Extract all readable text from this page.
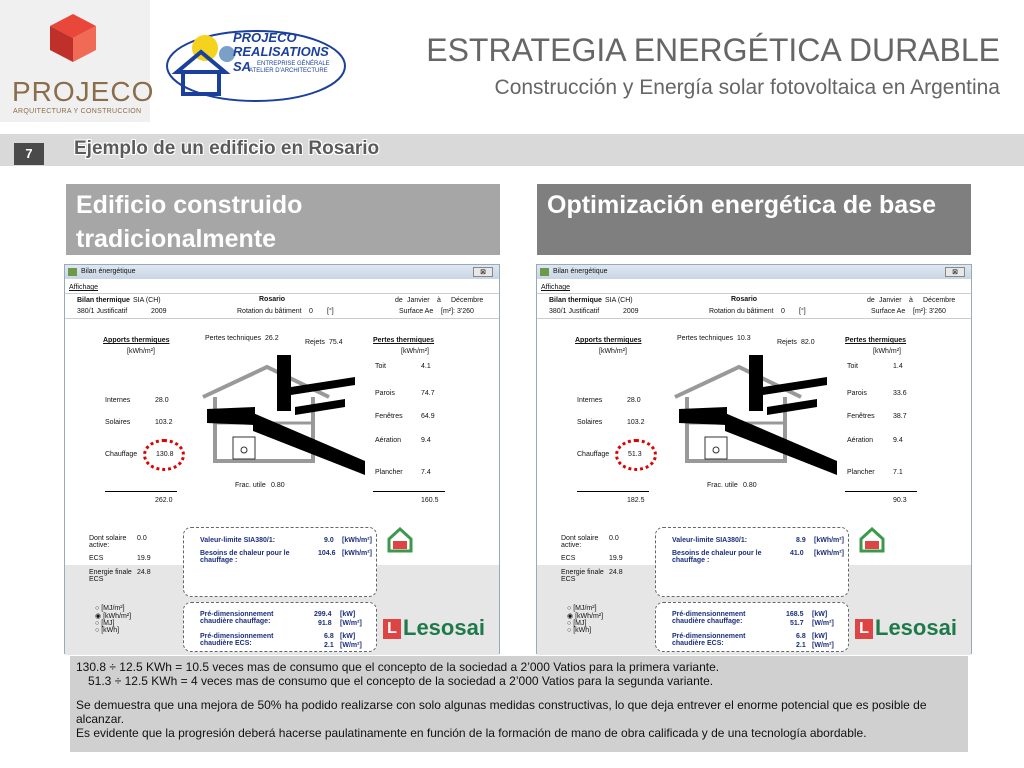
PROJECO
ARQUITECTURA Y CONSTRUCCION
PROJECO
REALISATIONS SA ENTREPRISE GÉNÉRALE
ATELIER D'ARCHITECTURE
ESTRATEGIA ENERGÉTICA DURABLE
Construcción y Energía solar fotovoltaica en Argentina
7	Ejemplo de un edificio en Rosario
Edificio construido tradicionalmente
Optimización energética de base
Bilan énergétique	⊠
Affichage
Bilan thermique SIA (CH)
380/1 Justificatif	2009
Rosario
Rotation du bâtiment 0 [°]
de Janvier à Décembre
Surface Ae [m²]: 3'260
Apports thermiques
[kWh/m²]
Pertes techniques 26.2
Rejets 75.4	Pertes thermiques
[kWh/m²]
Internes	28.0
Solaires	103.2
Chauffage	130.8
Toit	4.1
Parois	74.7
Fenêtres	64.9
Aération	9.4
Plancher	7.4
Frac. utile 0.80
262.0	160.5
Dont solaire active:
0.0
ECS	19.9
Energie finale ECS
24.8
Valeur-limite SIA380/1:	9.0 [kWh/m²]
Besoins de chaleur pour le chauffage :
104.6 [kWh/m²]
○ [MJ/m²]
◉ [kWh/m²]
○ [MJ]
○ [kWh]
Pré-dimensionnement chaudière chauffage:
299.4 [kW]
91.8 [W/m²]
Pré-dimensionnement chaudière ECS:
6.8 [kW]
2.1 [W/m²]
L Lesosai
Bilan énergétique	⊠
Affichage
Bilan thermique SIA (CH)
380/1 Justificatif	2009
Rosario
Rotation du bâtiment 0 [°]
de Janvier à Décembre
Surface Ae [m²]: 3'260
Apports thermiques
[kWh/m²]
Pertes techniques 10.3
Rejets 82.0	Pertes thermiques
[kWh/m²]
Internes	28.0
Solaires	103.2
Chauffage	51.3
Toit	1.4
Parois	33.6
Fenêtres	38.7
Aération	9.4
Plancher	7.1
Frac. utile 0.80
182.5	90.3
Dont solaire active:
0.0
ECS	19.9
Energie finale ECS
24.8
Valeur-limite SIA380/1:	8.9 [kWh/m²]
Besoins de chaleur pour le chauffage :
41.0 [kWh/m²]
○ [MJ/m²]
◉ [kWh/m²]
○ [MJ]
○ [kWh]
Pré-dimensionnement chaudière chauffage:
168.5 [kW]
51.7 [W/m²]
Pré-dimensionnement chaudière ECS:
6.8 [kW]
2.1 [W/m²]
L Lesosai

130.8 ÷ 12.5 KWh = 10.5 veces mas de consumo que el concepto de la sociedad a 2’000 Vatios para la primera variante.

51.3 ÷ 12.5 KWh = 4 veces mas de consumo que el concepto de la sociedad a 2’000 Vatios para la segunda variante.

Se demuestra que una mejora de 50% ha podido realizarse con solo algunas medidas constructivas, lo que deja entrever el enorme potencial que es posible de alcanzar.

Es evidente que la progresión deberá hacerse paulatinamente en función de la formación de mano de obra calificada y de una tecnología abordable.
